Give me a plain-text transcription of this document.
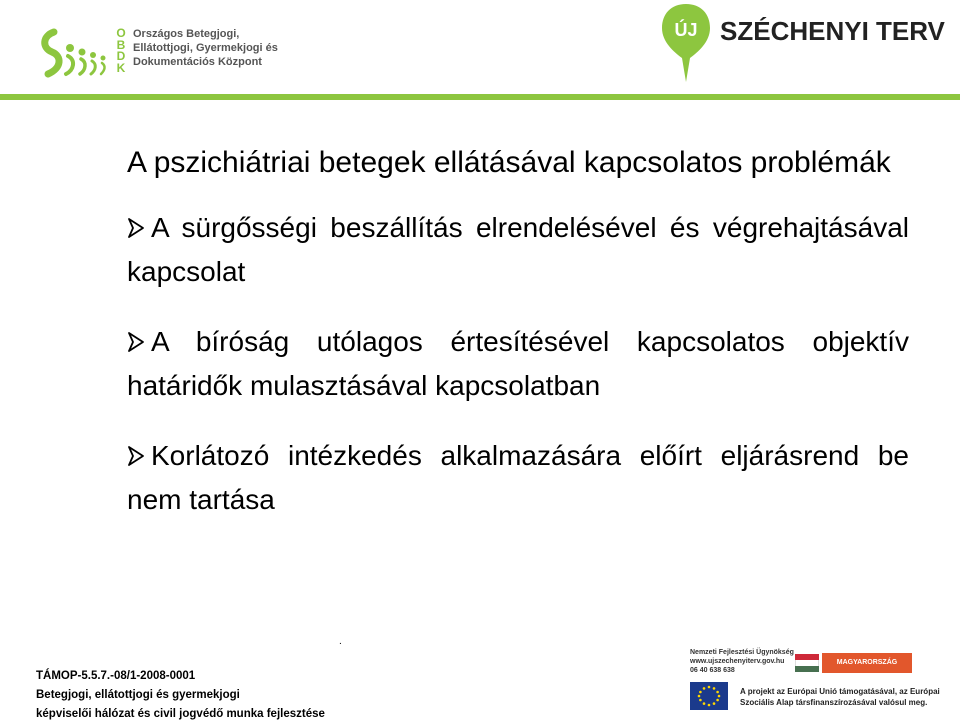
O
B
D
K
Országos Betegjogi,
Ellátottjogi, Gyermekjogi és
Dokumentációs Központ
ÚJ SZÉCHENYI TERV
A pszichiátriai betegek ellátásával kapcsolatos problémák
A sürgősségi beszállítás elrendelésével és végrehajtásával kapcsolat
A bíróság utólagos értesítésével kapcsolatos objektív határidők mulasztásával kapcsolatban
Korlátozó intézkedés alkalmazására előírt eljárásrend be nem tartása
.
TÁMOP-5.5.7.-08/1-2008-0001
Betegjogi, ellátottjogi és gyermekjogi
képviselői hálózat és civil jogvédő munka fejlesztése
Nemzeti Fejlesztési Ügynökség
www.ujszechenyiterv.gov.hu
06 40 638 638
MAGYARORSZÁG MEGÚJUL
A projekt az Európai Unió támogatásával, az Európai
Szociális Alap társfinanszírozásával valósul meg.
